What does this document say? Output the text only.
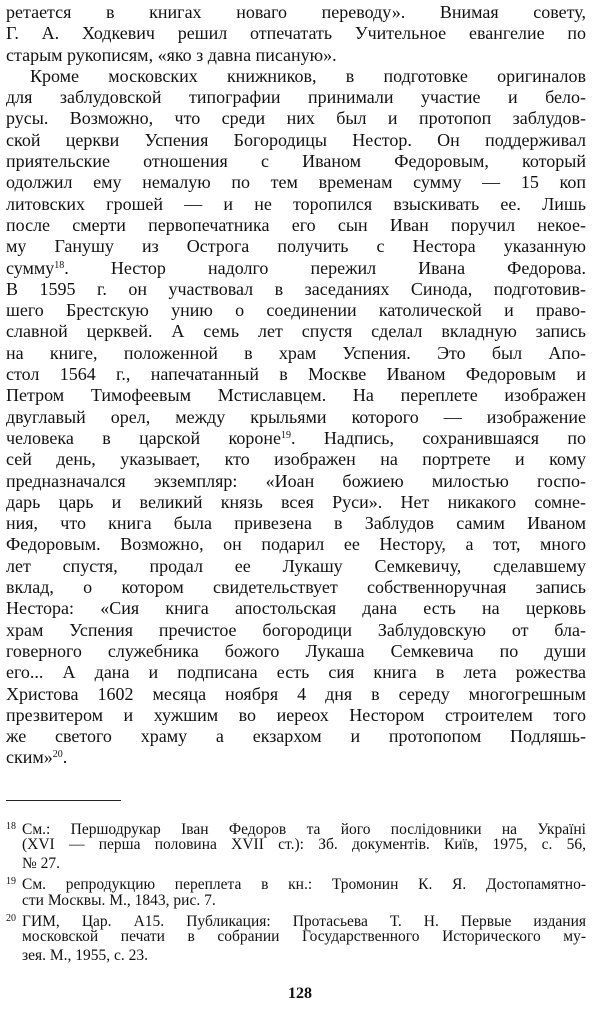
ретается в книгах новаго переводу». Внимая совету,
Г. А. Ходкевич решил отпечатать Учительное евангелие по
старым рукописям, «яко з давна писаную».
Кроме московских книжников, в подготовке оригиналов
для заблудовской типографии принимали участие и бело-
русы. Возможно, что среди них был и протопоп заблудов-
ской церкви Успения Богородицы Нестор. Он поддерживал
приятельские отношения с Иваном Федоровым, который
одолжил ему немалую по тем временам сумму — 15 коп
литовских грошей — и не торопился взыскивать ее. Лишь
после смерти первопечатника его сын Иван поручил некое-
му Ганушу из Острога получить с Нестора указанную
сумму$^{18}$. Нестор надолго пережил Ивана Федорова.
В 1595 г. он участвовал в заседаниях Синода, подготовив-
шего Брестскую унию о соединении католической и право-
славной церквей. А семь лет спустя сделал вкладную запись
на книге, положенной в храм Успения. Это был Апо-
стол 1564 г., напечатанный в Москве Иваном Федоровым и
Петром Тимофеевым Мстиславцем. На переплете изображен
двуглавый орел, между крыльями которого — изображение
человека в царской короне$^{19}$. Надпись, сохранившаяся по
сей день, указывает, кто изображен на портрете и кому
предназначался экземпляр: «Иоан божиею милостью госпо-
дарь царь и великий князь всея Руси». Нет никакого сомне-
ния, что книга была привезена в Заблудов самим Иваном
Федоровым. Возможно, он подарил ее Нестору, а тот, много
лет спустя, продал ее Лукашу Семкевичу, сделавшему
вклад, о котором свидетельствует собственноручная запись
Нестора: «Сия книга апостольская дана есть на церковь
храм Успения пречистое богородици Заблудовскую от бла-
говерного служебника божого Лукаша Семкевича по души
его... А дана и подписана есть сия книга в лета рожества
Христова 1602 месяца ноября 4 дня в середу многогрешным
презвитером и хужшим во иереох Нестором строителем того
же светого храму а екзархом и протопопом Подляшь-
ским»$^{20}$.
18 См.: Першодрукар Іван Федоров та його послідовники на Україні
(XVI — перша половина XVII ст.): Зб. документів. Київ, 1975, с. 56,
№ 27.
19 См. репродукцию переплета в кн.: Тромонин К. Я. Достопамятно-
сти Москвы. М., 1843, рис. 7.
20 ГИМ, Цар. А15. Публикация: Протасьева Т. Н. Первые издания
московской печати в собрании Государственного Исторического му-
зея. М., 1955, с. 23.
128
